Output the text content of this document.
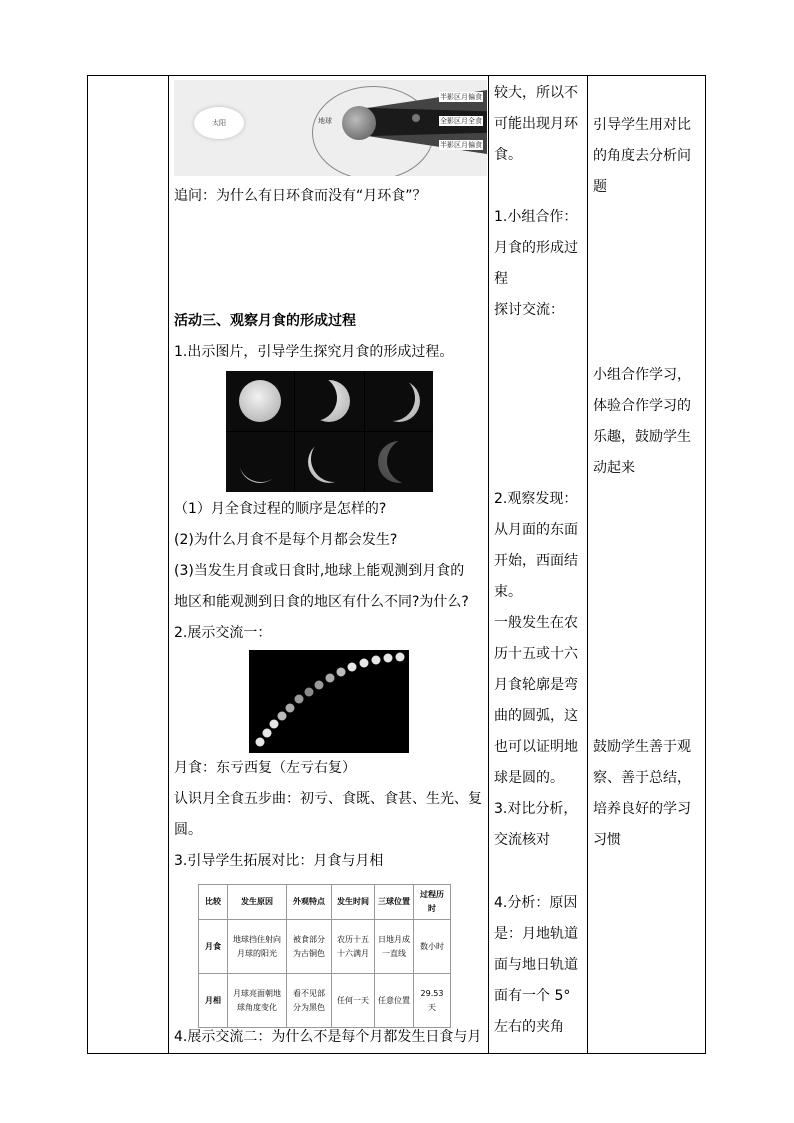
太阳	地球
半影区月偏食
全影区月全食
半影区月偏食

追问：为什么有日环食而没有“月环食”？

活动三、观察月食的形成过程

1.出示图片，引导学生探究月食的形成过程。

（1）月全食过程的顺序是怎样的?

(2)为什么月食不是每个月都会发生?

(3)当发生月食或日食时,地球上能观测到月食的

地区和能观测到日食的地区有什么不同?为什么?

2.展示交流一：

月食：东亏西复（左亏右复）

认识月全食五步曲：初亏、食既、食甚、生光、复

圆。

3.引导学生拓展对比：月食与月相

比较	发生原因	外观特点	发生时间	三球位置	过程历时
月食	地球挡住射向月球的阳光	被食部分为古铜色	农历十五十六满月	日地月成一直线	数小时
月相	月球亮面朝地球角度变化	看不见部分为黑色	任何一天	任意位置	29.53天

4.展示交流二：为什么不是每个月都发生日食与月

较大，所以不

可能出现月环

食。

1.小组合作：

月食的形成过

程

探讨交流：

2.观察发现：

从月面的东面

开始，西面结

束。

一般发生在农

历十五或十六

月食轮廓是弯

曲的圆弧，这

也可以证明地

球是圆的。

3.对比分析，

交流核对

4.分析：原因

是：月地轨道

面与地日轨道

面有一个 5°

左右的夹角

引导学生用对比

的角度去分析问

题

小组合作学习，

体验合作学习的

乐趣，鼓励学生

动起来

鼓励学生善于观

察、善于总结，

培养良好的学习

习惯
